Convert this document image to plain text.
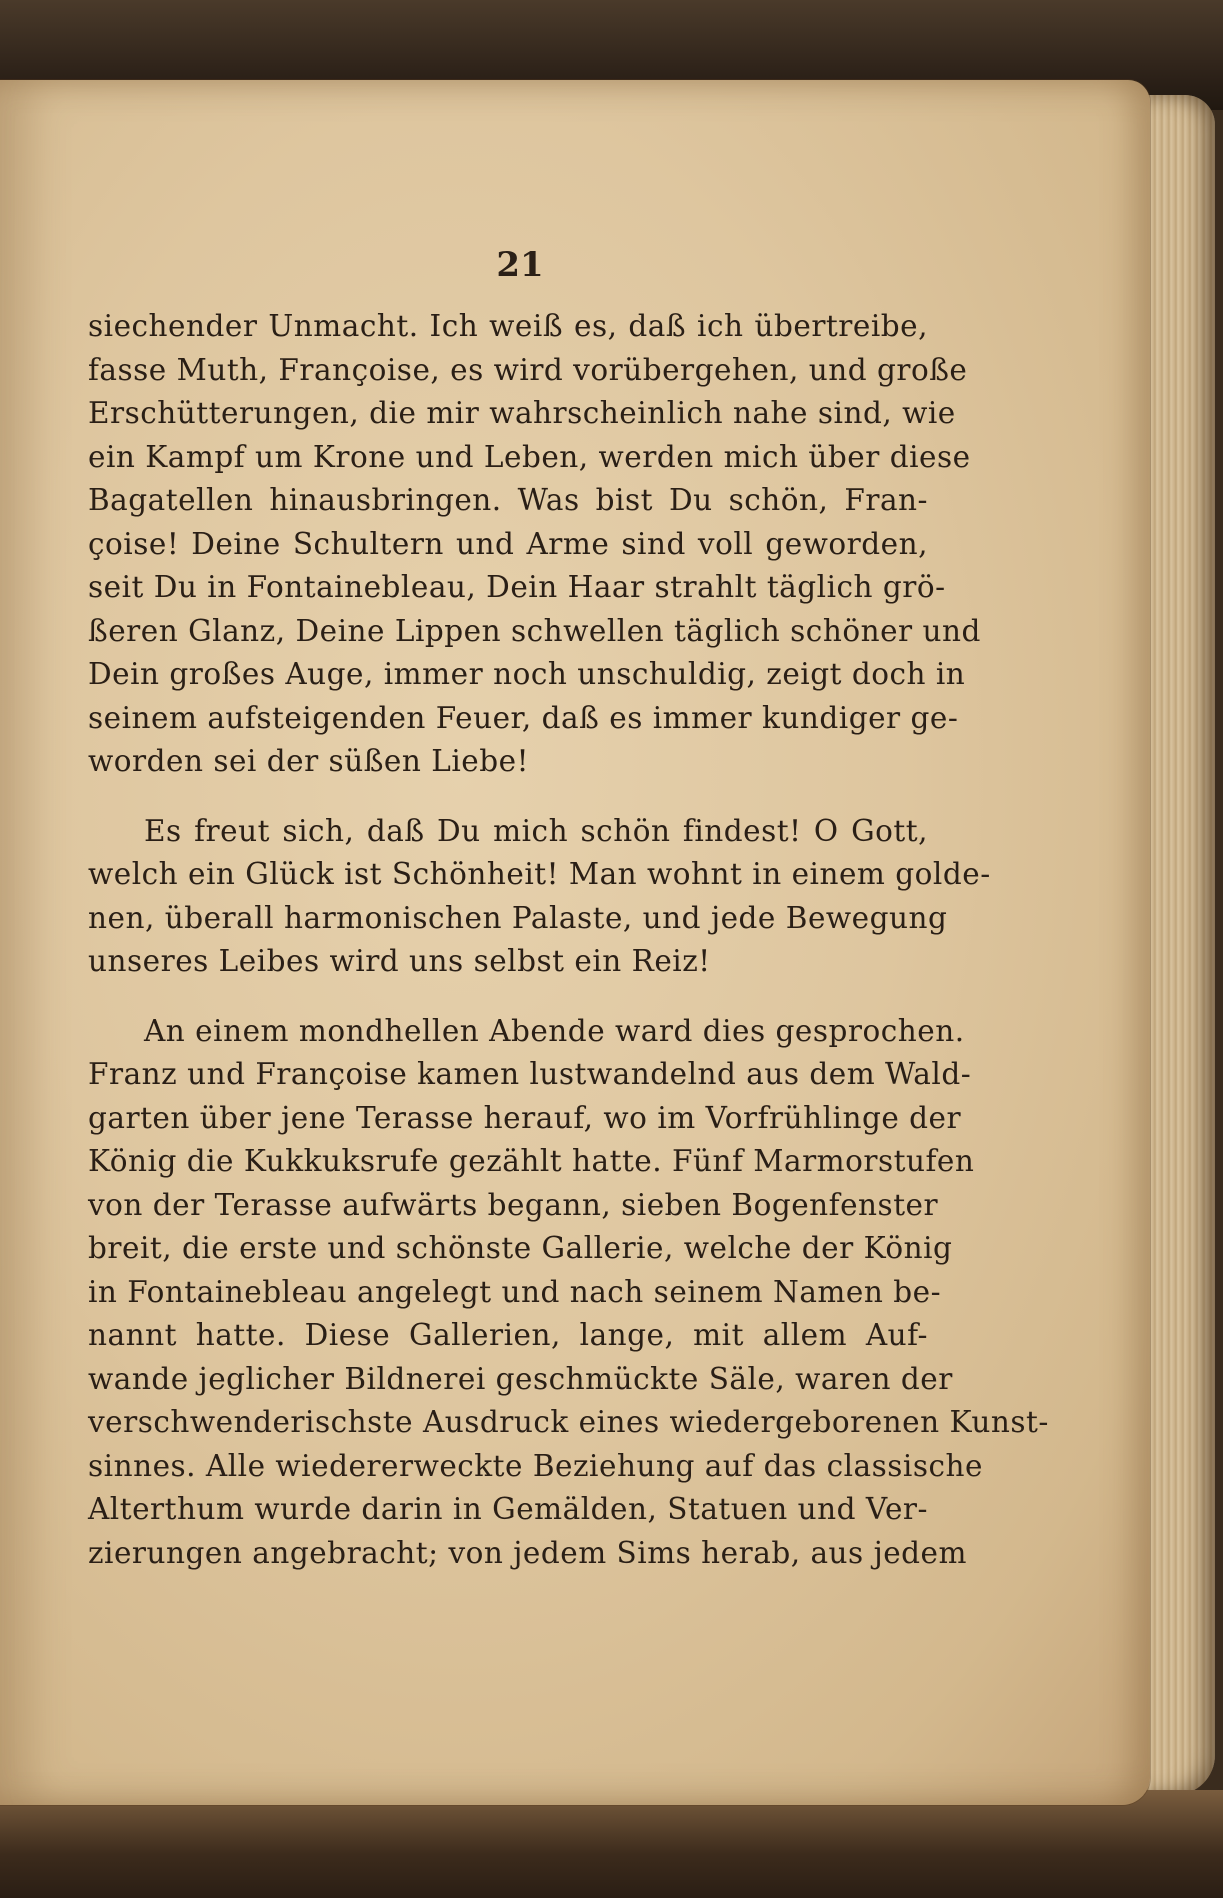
21

siechender Unmacht. Ich weiß es, daß ich übertreibe,
fasse Muth, Françoise, es wird vorübergehen, und große
Erschütterungen, die mir wahrscheinlich nahe sind, wie
ein Kampf um Krone und Leben, werden mich über diese
Bagatellen hinausbringen. Was bist Du schön, Fran-
çoise! Deine Schultern und Arme sind voll geworden,
seit Du in Fontainebleau, Dein Haar strahlt täglich grö-
ßeren Glanz, Deine Lippen schwellen täglich schöner und
Dein großes Auge, immer noch unschuldig, zeigt doch in
seinem aufsteigenden Feuer, daß es immer kundiger ge-
worden sei der süßen Liebe!

Es freut sich, daß Du mich schön findest! O Gott,
welch ein Glück ist Schönheit! Man wohnt in einem golde-
nen, überall harmonischen Palaste, und jede Bewegung
unseres Leibes wird uns selbst ein Reiz!

An einem mondhellen Abende ward dies gesprochen.
Franz und Françoise kamen lustwandelnd aus dem Wald-
garten über jene Terasse herauf, wo im Vorfrühlinge der
König die Kukkuksrufe gezählt hatte. Fünf Marmorstufen
von der Terasse aufwärts begann, sieben Bogenfenster
breit, die erste und schönste Gallerie, welche der König
in Fontainebleau angelegt und nach seinem Namen be-
nannt hatte. Diese Gallerien, lange, mit allem Auf-
wande jeglicher Bildnerei geschmückte Säle, waren der
verschwenderischste Ausdruck eines wiedergeborenen Kunst-
sinnes. Alle wiedererweckte Beziehung auf das classische
Alterthum wurde darin in Gemälden, Statuen und Ver-
zierungen angebracht; von jedem Sims herab, aus jedem
